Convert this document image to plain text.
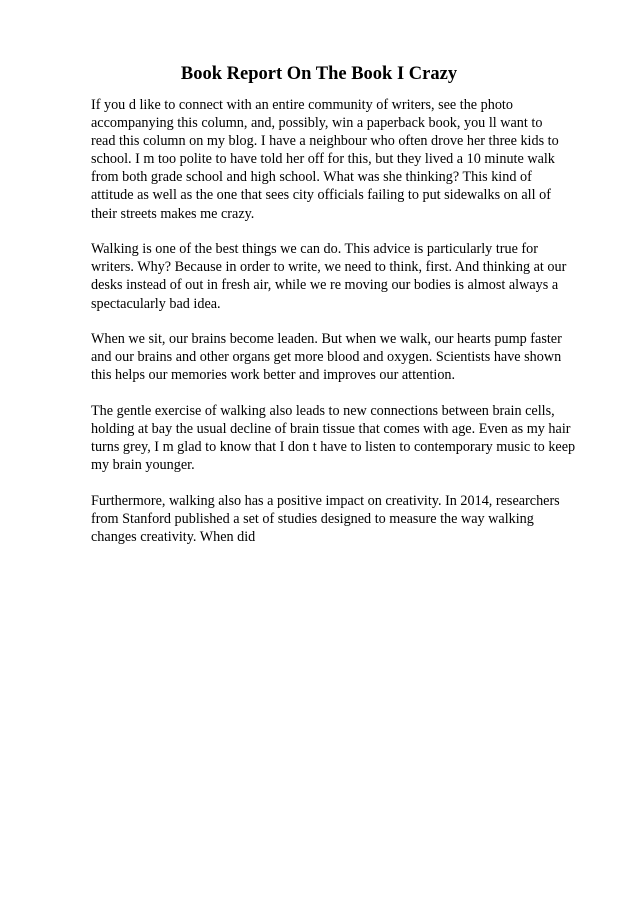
Book Report On The Book I Crazy

If you d like to connect with an entire community of writers, see the photo
accompanying this column, and, possibly, win a paperback book, you ll want to
read this column on my blog. I have a neighbour who often drove her three kids to
school. I m too polite to have told her off for this, but they lived a 10 minute walk
from both grade school and high school. What was she thinking? This kind of
attitude as well as the one that sees city officials failing to put sidewalks on all of
their streets makes me crazy.

Walking is one of the best things we can do. This advice is particularly true for
writers. Why? Because in order to write, we need to think, first. And thinking at our
desks instead of out in fresh air, while we re moving our bodies is almost always a
spectacularly bad idea.

When we sit, our brains become leaden. But when we walk, our hearts pump faster
and our brains and other organs get more blood and oxygen. Scientists have shown
this helps our memories work better and improves our attention.

The gentle exercise of walking also leads to new connections between brain cells,
holding at bay the usual decline of brain tissue that comes with age. Even as my hair
turns grey, I m glad to know that I don t have to listen to contemporary music to keep
my brain younger.

Furthermore, walking also has a positive impact on creativity. In 2014, researchers
from Stanford published a set of studies designed to measure the way walking
changes creativity. When did
